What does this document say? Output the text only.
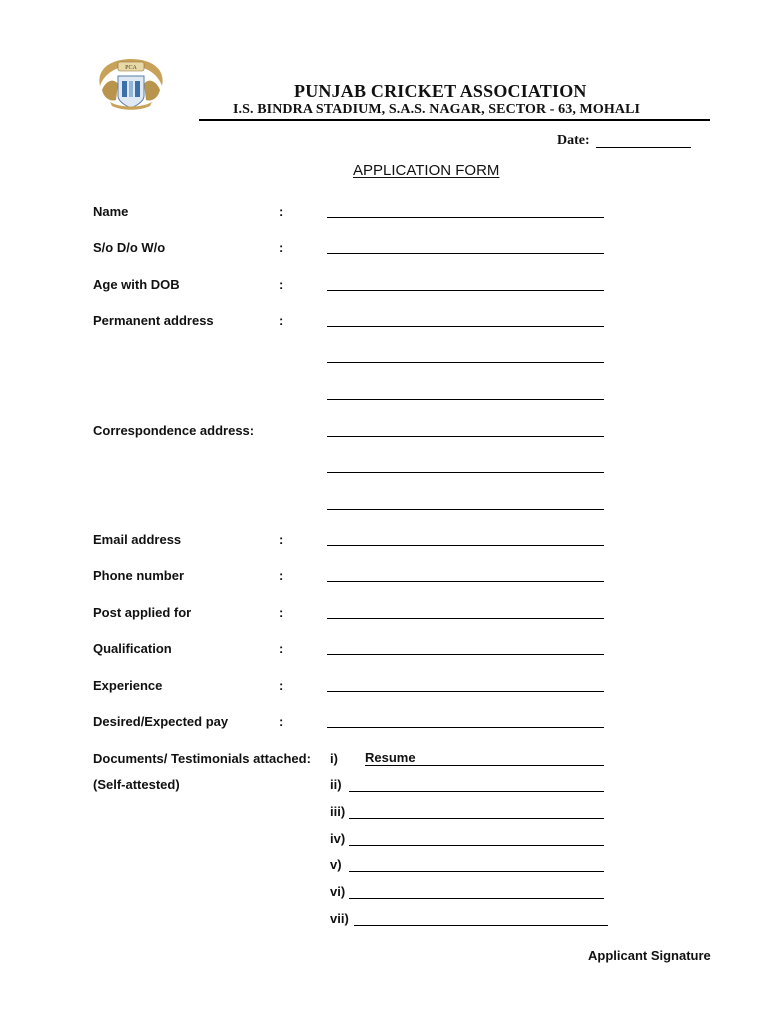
PCA
PUNJAB CRICKET ASSOCIATION
I.S. BINDRA STADIUM, S.A.S. NAGAR, SECTOR - 63, MOHALI
Date:
APPLICATION FORM
Name	:
S/o D/o W/o	:
Age with DOB	:
Permanent address	:
Correspondence address:
Email address	:
Phone number	:
Post applied for	:
Qualification	:
Experience	:
Desired/Expected pay	:
Documents/ Testimonials attached:
(Self-attested)
i) Resume
ii)
iii)
iv)
v)
vi)
vii)
Applicant Signature
